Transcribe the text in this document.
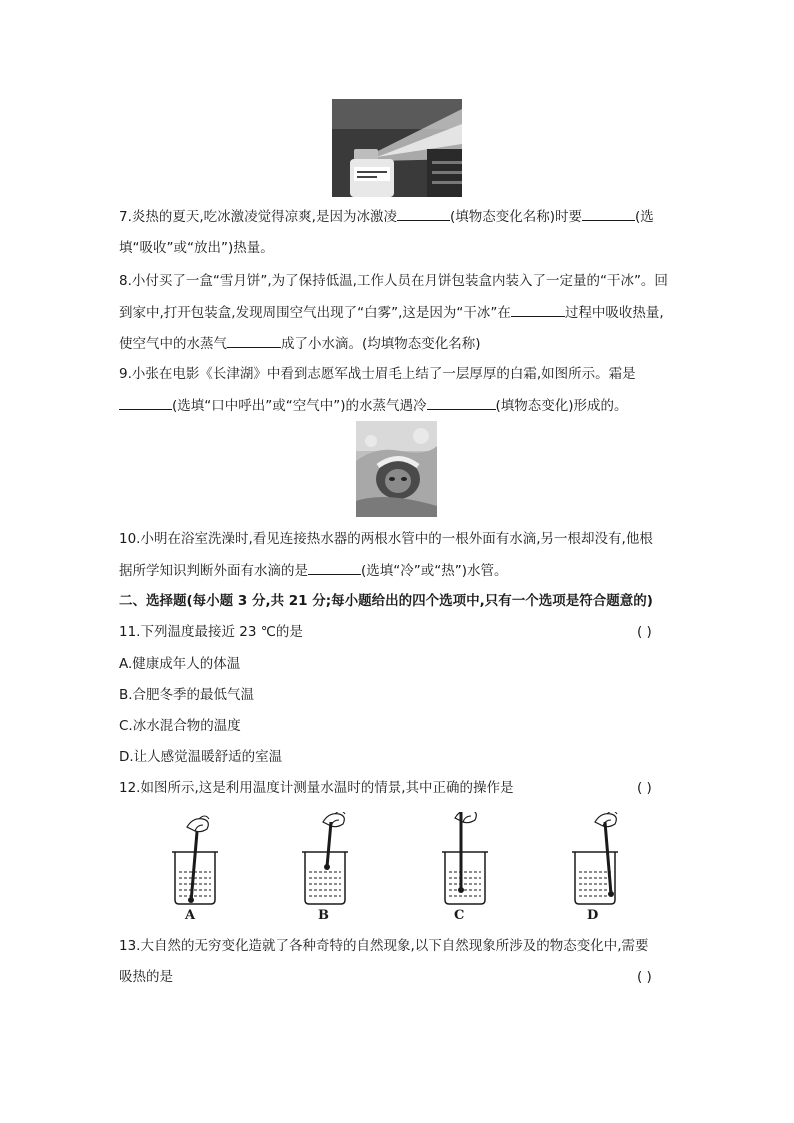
7.炎热的夏天,吃冰激凌觉得凉爽,是因为冰激凌	(填物态变化名称)时要	(选
填“吸收”或“放出”)热量。
8.小付买了一盒“雪月饼”,为了保持低温,工作人员在月饼包装盒内装入了一定量的“干冰”。回
到家中,打开包装盒,发现周围空气出现了“白雾”,这是因为“干冰”在	过程中吸收热量,
使空气中的水蒸气	成了小水滴。(均填物态变化名称)
9.小张在电影《长津湖》中看到志愿军战士眉毛上结了一层厚厚的白霜,如图所示。霜是
(选填“口中呼出”或“空气中”)的水蒸气遇冷	(填物态变化)形成的。
10.小明在浴室洗澡时,看见连接热水器的两根水管中的一根外面有水滴,另一根却没有,他根
据所学知识判断外面有水滴的是	(选填“冷”或“热”)水管。
二、选择题(每小题 3 分,共 21 分;每小题给出的四个选项中,只有一个选项是符合题意的)
11.下列温度最接近 23 ℃的是	( )
A.健康成年人的体温
B.合肥冬季的最低气温
C.冰水混合物的温度
D.让人感觉温暖舒适的室温
12.如图所示,这是利用温度计测量水温时的情景,其中正确的操作是	( )
A	B	C	D
13.大自然的无穷变化造就了各种奇特的自然现象,以下自然现象所涉及的物态变化中,需要
吸热的是	( )
